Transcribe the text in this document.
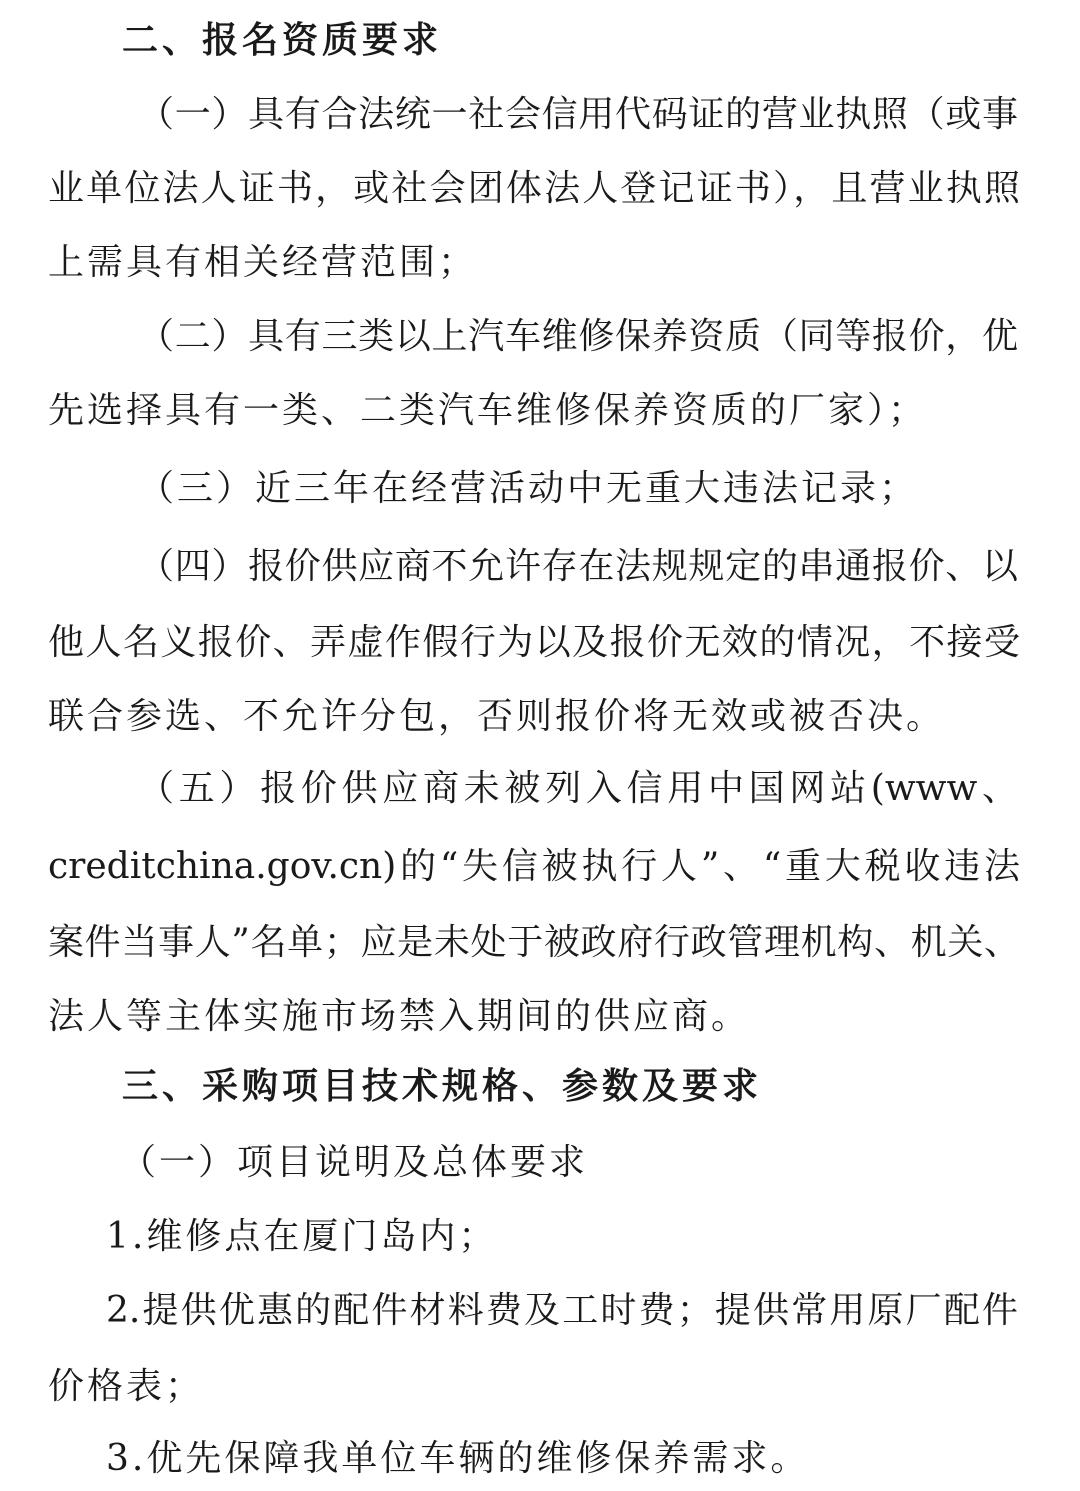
二、报名资质要求
（一）具有合法统一社会信用代码证的营业执照（或事
业单位法人证书，或社会团体法人登记证书），且营业执照
上需具有相关经营范围；
（二）具有三类以上汽车维修保养资质（同等报价，优
先选择具有一类、二类汽车维修保养资质的厂家）；
（三）近三年在经营活动中无重大违法记录；
（四）报价供应商不允许存在法规规定的串通报价、以
他人名义报价、弄虚作假行为以及报价无效的情况，不接受
联合参选、不允许分包，否则报价将无效或被否决。
（五）报价供应商未被列入信用中国网站(www、
creditchina.gov.cn)的“失信被执行人”、“重大税收违法
案件当事人”名单；应是未处于被政府行政管理机构、机关、
法人等主体实施市场禁入期间的供应商。
三、采购项目技术规格、参数及要求
（一）项目说明及总体要求
1.维修点在厦门岛内；
2.提供优惠的配件材料费及工时费；提供常用原厂配件
价格表；
3.优先保障我单位车辆的维修保养需求。
